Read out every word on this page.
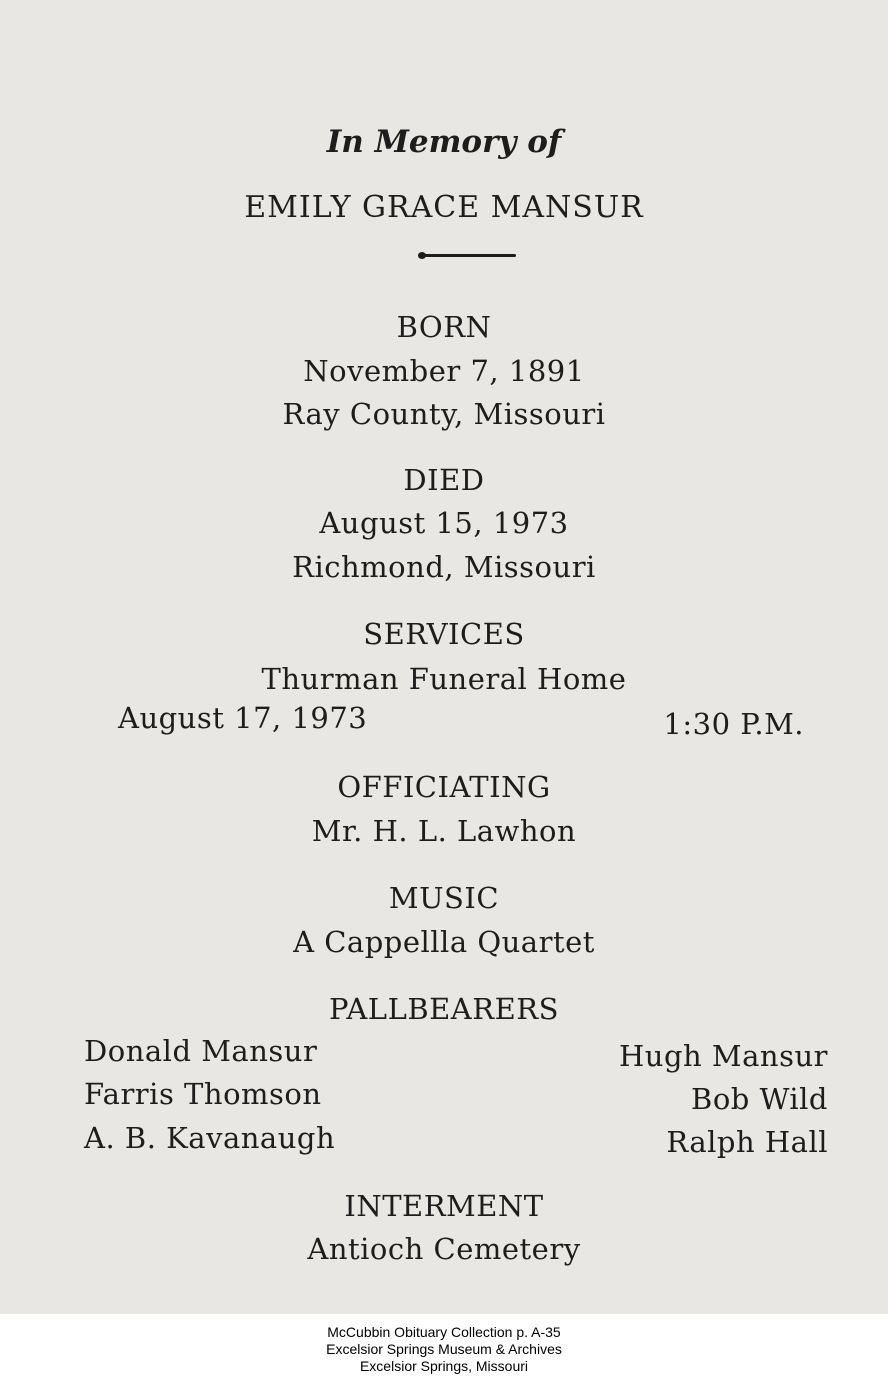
In Memory of
EMILY GRACE MANSUR
BORN
November 7, 1891
Ray County, Missouri
DIED
August 15, 1973
Richmond, Missouri
SERVICES
Thurman Funeral Home
August 17, 1973	1:30 P.M.
OFFICIATING
Mr. H. L. Lawhon
MUSIC
A Cappellla Quartet
PALLBEARERS
Donald Mansur
Farris Thomson
A. B. Kavanaugh
Hugh Mansur
Bob Wild
Ralph Hall
INTERMENT
Antioch Cemetery
McCubbin Obituary Collection p. A-35
Excelsior Springs Museum & Archives
Excelsior Springs, Missouri
